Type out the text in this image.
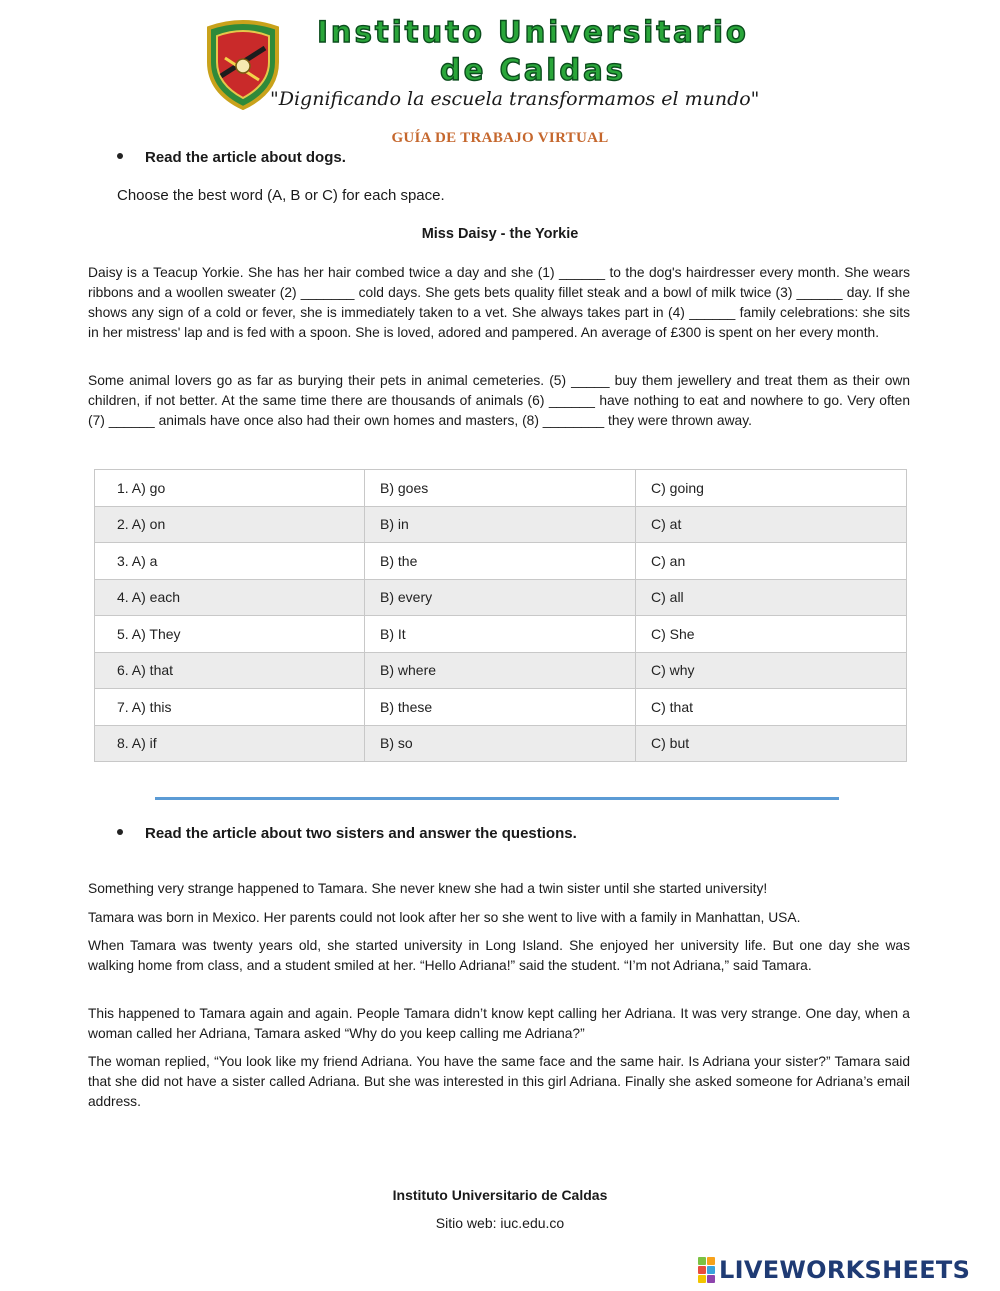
Instituto Universitario
de Caldas
"Dignificando la escuela transformamos el mundo"
GUÍA DE TRABAJO VIRTUAL
Read the article about dogs.
Choose the best word (A, B or C) for each space.
Miss Daisy - the Yorkie

Daisy is a Teacup Yorkie. She has her hair combed twice a day and she (1) ______ to the dog's hairdresser every month. She wears ribbons and a woollen sweater (2) _______ cold days. She gets bets quality fillet steak and a bowl of milk twice (3) ______ day. If she shows any sign of a cold or fever, she is immediately taken to a vet. She always takes part in (4) ______ family celebrations: she sits in her mistress' lap and is fed with a spoon. She is loved, adored and pampered. An average of £300 is spent on her every month.

Some animal lovers go as far as burying their pets in animal cemeteries. (5) _____ buy them jewellery and treat them as their own children, if not better. At the same time there are thousands of animals (6) ______ have nothing to eat and nowhere to go. Very often (7) ______ animals have once also had their own homes and masters, (8) ________ they were thrown away.

1. A) go	B) goes	C) going
2. A) on	B) in	C) at
3. A) a	B) the	C) an
4. A) each	B) every	C) all
5. A) They	B) It	C) She
6. A) that	B) where	C) why
7. A) this	B) these	C) that
8. A) if	B) so	C) but
Read the article about two sisters and answer the questions.

Something very strange happened to Tamara. She never knew she had a twin sister until she started university!

Tamara was born in Mexico. Her parents could not look after her so she went to live with a family in Manhattan, USA.

When Tamara was twenty years old, she started university in Long Island. She enjoyed her university life. But one day she was walking home from class, and a student smiled at her. “Hello Adriana!” said the student. “I’m not Adriana,” said Tamara.

This happened to Tamara again and again. People Tamara didn’t know kept calling her Adriana. It was very strange. One day, when a woman called her Adriana, Tamara asked “Why do you keep calling me Adriana?”

The woman replied, “You look like my friend Adriana. You have the same face and the same hair. Is Adriana your sister?” Tamara said that she did not have a sister called Adriana. But she was interested in this girl Adriana. Finally she asked someone for Adriana’s email address.

Instituto Universitario de Caldas
Sitio web: iuc.edu.co
LIVEWORKSHEETS
